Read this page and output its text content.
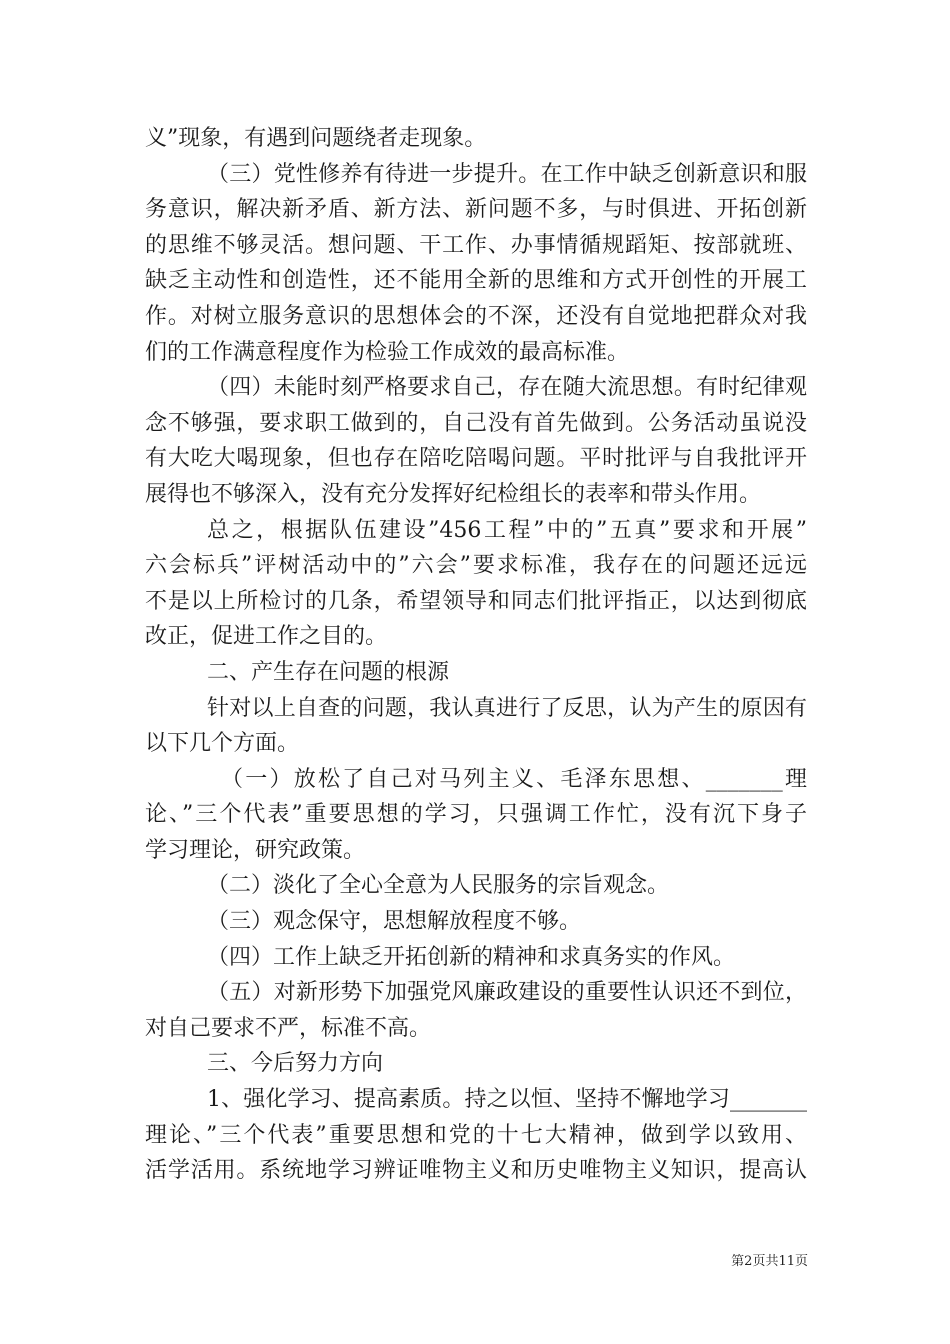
义”现象，有遇到问题绕者走现象。

（三）党性修养有待进一步提升。在工作中缺乏创新意识和服

务意识，解决新矛盾、新方法、新问题不多，与时俱进、开拓创新

的思维不够灵活。想问题、干工作、办事情循规蹈矩、按部就班、

缺乏主动性和创造性，还不能用全新的思维和方式开创性的开展工

作。对树立服务意识的思想体会的不深，还没有自觉地把群众对我

们的工作满意程度作为检验工作成效的最高标准。

（四）未能时刻严格要求自己，存在随大流思想。有时纪律观

念不够强，要求职工做到的，自己没有首先做到。公务活动虽说没

有大吃大喝现象，但也存在陪吃陪喝问题。平时批评与自我批评开

展得也不够深入，没有充分发挥好纪检组长的表率和带头作用。

总之，根据队伍建设”456工程”中的”五真”要求和开展”

六会标兵”评树活动中的”六会”要求标准，我存在的问题还远远

不是以上所检讨的几条，希望领导和同志们批评指正，以达到彻底

改正，促进工作之目的。

二、产生存在问题的根源

针对以上自查的问题，我认真进行了反思，认为产生的原因有

以下几个方面。

（一）放松了自己对马列主义、毛泽东思想、_______理

论、”三个代表”重要思想的学习，只强调工作忙，没有沉下身子

学习理论，研究政策。

（二）淡化了全心全意为人民服务的宗旨观念。

（三）观念保守，思想解放程度不够。

（四）工作上缺乏开拓创新的精神和求真务实的作风。

（五）对新形势下加强党风廉政建设的重要性认识还不到位，

对自己要求不严，标准不高。

三、今后努力方向

1、强化学习、提高素质。持之以恒、坚持不懈地学习_______

理论、”三个代表”重要思想和党的十七大精神，做到学以致用、

活学活用。系统地学习辨证唯物主义和历史唯物主义知识，提高认

第2页共11页
